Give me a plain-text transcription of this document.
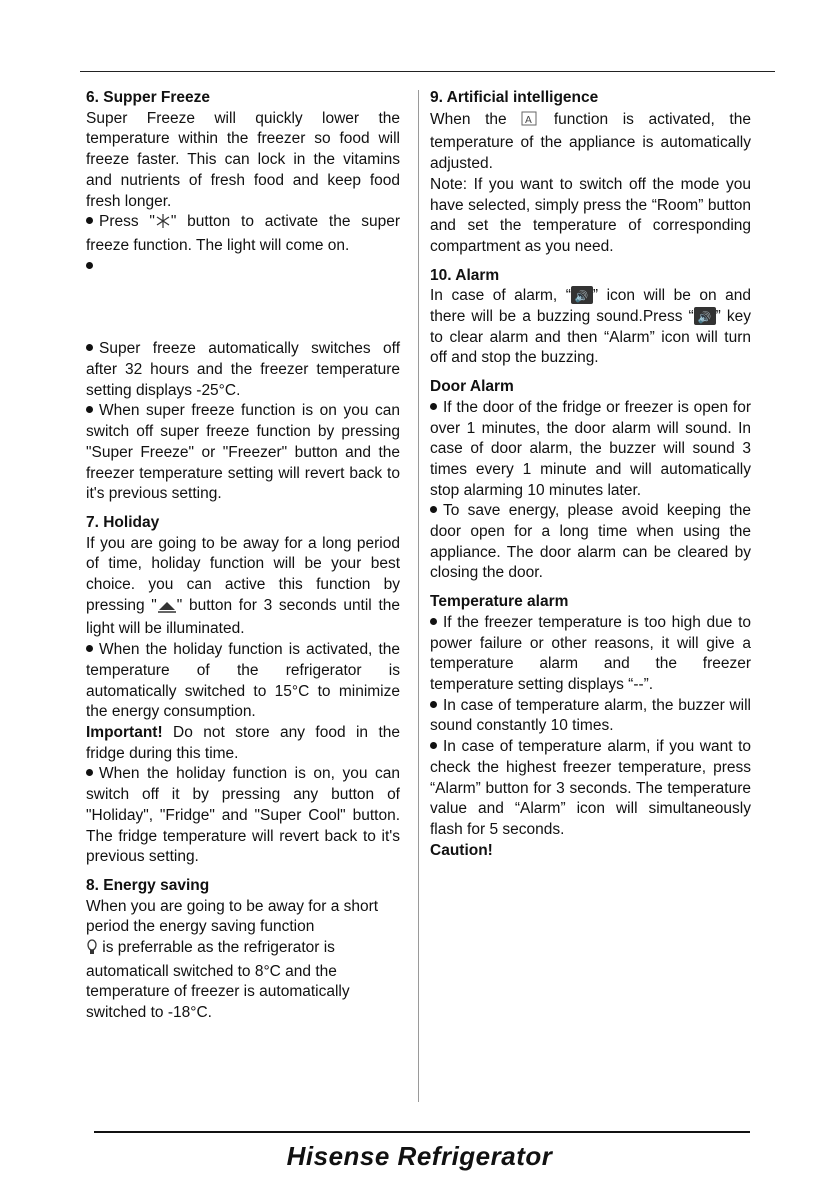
6. Supper Freeze

Super Freeze will quickly lower the temperature within the freezer so food will freeze faster. This can lock in the vitamins and nutrients of fresh food and keep food fresh longer.

Press " " button to activate the super freeze function. The light will come on.

Super freeze automatically switches off after 32 hours and the freezer temperature setting displays -25°C.

When super freeze function is on you can switch off super freeze function by pressing "Super Freeze" or "Freezer" button and the freezer temperature setting will revert back to it's previous setting.

7. Holiday

If you are going to be away for a long period of time, holiday function will be your best choice. you can active this function by pressing " " button for 3 seconds until the light will be illuminated.

When the holiday function is activated, the temperature of the refrigerator is automatically switched to 15°C to minimize the energy consumption.

Important! Do not store any food in the fridge during this time.

When the holiday function is on, you can switch off it by pressing any button of "Holiday", "Fridge" and "Super Cool" button. The fridge temperature will revert back to it's previous setting.

8. Energy saving

When you are going to be away for a short period the energy saving function
is preferrable as the refrigerator is automaticall switched to 8°C and the temperature of freezer is automatically switched to -18°C.

9. Artificial intelligence

When the A function is activated, the temperature of the appliance is automatically adjusted.

Note: If you want to switch off the mode you have selected, simply press the “Room” button and set the temperature of corresponding compartment as you need.

10. Alarm

In case of alarm, “ 🔊 ” icon will be on and there will be a buzzing sound.Press “ 🔊 ” key to clear alarm and then “Alarm” icon will turn off and stop the buzzing.

Door Alarm

If the door of the fridge or freezer is open for over 1 minutes, the door alarm will sound. In case of door alarm, the buzzer will sound 3 times every 1 minute and will automatically stop alarming 10 minutes later.

To save energy, please avoid keeping the door open for a long time when using the appliance. The door alarm can be cleared by closing the door.

Temperature alarm

If the freezer temperature is too high due to power failure or other reasons, it will give a temperature alarm and the freezer temperature setting displays “--”.

In case of temperature alarm, the buzzer will sound constantly 10 times.

In case of temperature alarm, if you want to check the highest freezer temperature, press “Alarm” button for 3 seconds. The temperature value and “Alarm” icon will simultaneously flash for 5 seconds.

Caution!

Hisense Refrigerator
